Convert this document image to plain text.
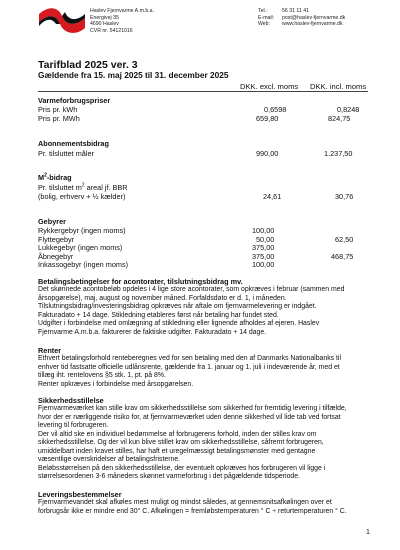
Haslev Fjernvarme A.m.b.a.
Energivej 35
4690 Haslev
CVR nr. 54121016
Tel.:
E-mail:
Web:
56 31 11 41
post@haslev-fjernvarme.dk
www.haslev-fjernvarme.dk
Tarifblad 2025 ver. 3
Gældende fra 15. maj 2025 til 31. december 2025
DKK. excl. moms DKK. incl. moms
Varmeforbrugspriser
Pris pr. kWh	0,6598	0,8248
Pris pr. MWh	659,80	824,75
Abonnementsbidrag
Pr. tilsluttet måler	990,00	1.237,50
$M^2$-bidrag
Pr. tilsluttet $m^2$ areal jf. BBR
(bolig, erhverv + ½ kælder)	24,61	30,76
Gebyrer
Rykkergebyr (ingen moms)	100,00
Flyttegebyr	50,00	62,50
Lukkegebyr (ingen moms)	375,00
Åbnegebyr	375,00	468,75
Inkassogebyr (ingen moms)	100,00
Betalingsbetingelser for acontorater, tilslutningsbidrag mv.
Det skønnede acontobeløb opdeles i 4 lige store acontorater, som opkræves i februar (sammen med
årsopgørelse), maj, august og november måned. Forfaldsdato er d. 1, i måneden.
Tilslutningsbidrag/investeringsbidrag opkræves når aftale om fjernvarmelevering er indgået.
Fakturadato + 14 dage. Stikledning etableres først når betaling har fundet sted.
Udgifter i forbindelse med omlægning af stikledning eller lignende afholdes af ejeren. Haslev
Fjernvarme A.m.b.a. fakturerer de faktiske udgifter. Fakturadato + 14 dage.
Renter
Ethvert betalingsforhold renteberegnes ved for sen betaling med den af Danmarks Nationalbanks til
enhver tid fastsatte officielle udlånsrente, gældende fra 1. januar og 1. juli i indeværende år, med et
tillæg iht. rentelovens §5 stk. 1, pt. på 8%.
Renter opkræves i forbindelse med årsopgørelsen.
Sikkerhedsstillelse
Fjernvarmeværket kan stille krav om sikkerhedsstillelse som sikkerhed for fremtidig levering i tilfælde,
hvor der er nærliggende risiko for, at fjernvarmeværket uden denne sikkerhed vil lide tab ved fortsat
levering til forbrugeren.
Der vil altid ske en individuel bedømmelse af forbrugerens forhold, inden der stilles krav om
sikkerhedsstillelse. Og der vil kun blive stillet krav om sikkerhedsstillelse, såfremt forbrugeren,
umiddelbart inden kravet stilles, har haft et uregelmæssigt betalingsmønster med gentagne
væsentlige overskridelser af betalingsfristerne.
Beløbsstørrelsen på den sikkerhedsstillelse, der eventuelt opkræves hos forbrugeren vil ligge i
størrelsesordenen 3-6 måneders skønnet varmeforbrug i det pågældende tidsperiode.
Leveringsbestemmelser
Fjernvarmevandet skal afkøles mest muligt og mindst således, at gennemsnitsafkølingen over et
forbrugsår ikke er mindre end 30° C. Afkølingen = fremløbstemperaturen ° C ÷ returtemperaturen ° C.
1
